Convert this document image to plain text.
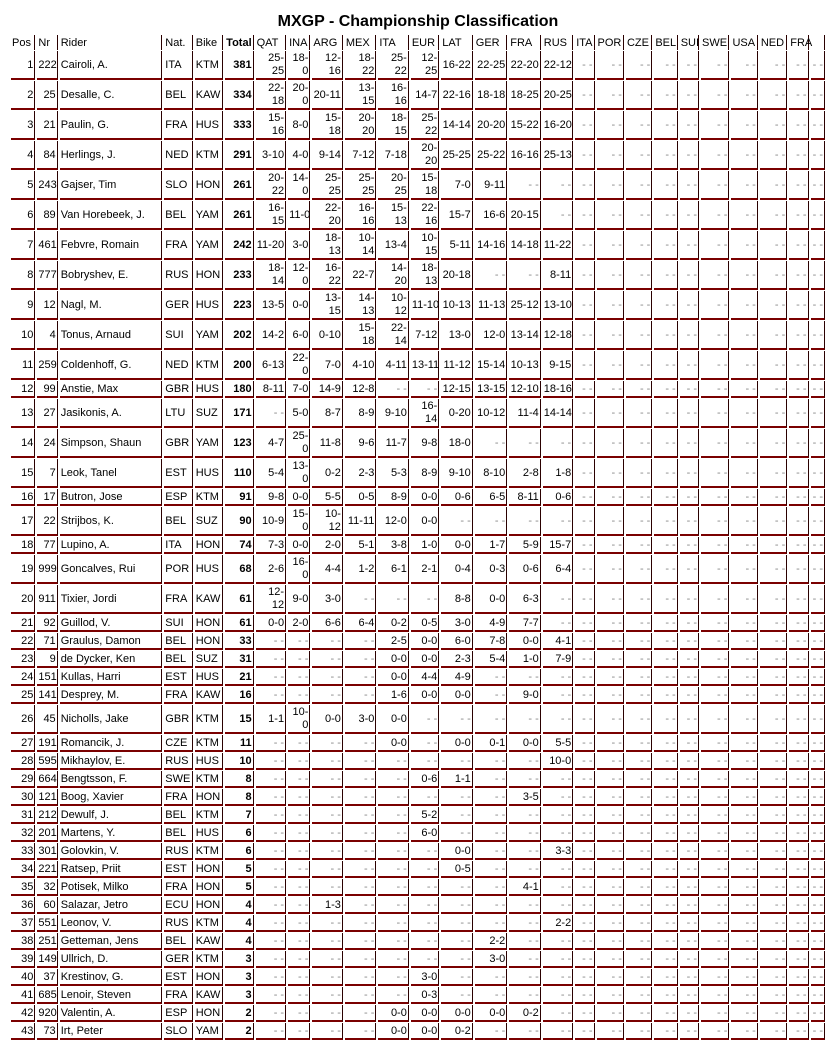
MXGP - Championship Classification
Pos	Nr	Rider	Nat.	Bike	Total	QAT	INA	ARG	MEX	ITA	EUR	LAT	GER	FRA	RUS	ITA	POR	CZE	BEL	SUI	SWE	USA	NED	FRA	
1	222	Cairoli, A.	ITA	KTM	381	25-25	18-0	12-16	18-22	25-22	12-25	16-22	22-25	22-20	22-12	- -	- -	- -	- -	- -	- -	- -	- -	- -	- -
2	25	Desalle, C.	BEL	KAW	334	22-18	20-0	20-11	13-15	16-16	14-7	22-16	18-18	18-25	20-25	- -	- -	- -	- -	- -	- -	- -	- -	- -	- -
3	21	Paulin, G.	FRA	HUS	333	15-16	8-0	15-18	20-20	18-15	25-22	14-14	20-20	15-22	16-20	- -	- -	- -	- -	- -	- -	- -	- -	- -	- -
4	84	Herlings, J.	NED	KTM	291	3-10	4-0	9-14	7-12	7-18	20-20	25-25	25-22	16-16	25-13	- -	- -	- -	- -	- -	- -	- -	- -	- -	- -
5	243	Gajser, Tim	SLO	HON	261	20-22	14-0	25-25	25-25	20-25	15-18	7-0	9-11	- -	- -	- -	- -	- -	- -	- -	- -	- -	- -	- -	- -
6	89	Van Horebeek, J.	BEL	YAM	261	16-15	11-0	22-20	16-16	15-13	22-16	15-7	16-6	20-15	- -	- -	- -	- -	- -	- -	- -	- -	- -	- -	- -
7	461	Febvre, Romain	FRA	YAM	242	11-20	3-0	18-13	10-14	13-4	10-15	5-11	14-16	14-18	11-22	- -	- -	- -	- -	- -	- -	- -	- -	- -	- -
8	777	Bobryshev, E.	RUS	HON	233	18-14	12-0	16-22	22-7	14-20	18-13	20-18	- -	- -	8-11	- -	- -	- -	- -	- -	- -	- -	- -	- -	- -
9	12	Nagl, M.	GER	HUS	223	13-5	0-0	13-15	14-13	10-12	11-10	10-13	11-13	25-12	13-10	- -	- -	- -	- -	- -	- -	- -	- -	- -	- -
10	4	Tonus, Arnaud	SUI	YAM	202	14-2	6-0	0-10	15-18	22-14	7-12	13-0	12-0	13-14	12-18	- -	- -	- -	- -	- -	- -	- -	- -	- -	- -
11	259	Coldenhoff, G.	NED	KTM	200	6-13	22-0	7-0	4-10	4-11	13-11	11-12	15-14	10-13	9-15	- -	- -	- -	- -	- -	- -	- -	- -	- -	- -
12	99	Anstie, Max	GBR	HUS	180	8-11	7-0	14-9	12-8	- -	- -	12-15	13-15	12-10	18-16	- -	- -	- -	- -	- -	- -	- -	- -	- -	- -
13	27	Jasikonis, A.	LTU	SUZ	171	- -	5-0	8-7	8-9	9-10	16-14	0-20	10-12	11-4	14-14	- -	- -	- -	- -	- -	- -	- -	- -	- -	- -
14	24	Simpson, Shaun	GBR	YAM	123	4-7	25-0	11-8	9-6	11-7	9-8	18-0	- -	- -	- -	- -	- -	- -	- -	- -	- -	- -	- -	- -	- -
15	7	Leok, Tanel	EST	HUS	110	5-4	13-0	0-2	2-3	5-3	8-9	9-10	8-10	2-8	1-8	- -	- -	- -	- -	- -	- -	- -	- -	- -	- -
16	17	Butron, Jose	ESP	KTM	91	9-8	0-0	5-5	0-5	8-9	0-0	0-6	6-5	8-11	0-6	- -	- -	- -	- -	- -	- -	- -	- -	- -	- -
17	22	Strijbos, K.	BEL	SUZ	90	10-9	15-0	10-12	11-11	12-0	0-0	- -	- -	- -	- -	- -	- -	- -	- -	- -	- -	- -	- -	- -	- -
18	77	Lupino, A.	ITA	HON	74	7-3	0-0	2-0	5-1	3-8	1-0	0-0	1-7	5-9	15-7	- -	- -	- -	- -	- -	- -	- -	- -	- -	- -
19	999	Goncalves, Rui	POR	HUS	68	2-6	16-0	4-4	1-2	6-1	2-1	0-4	0-3	0-6	6-4	- -	- -	- -	- -	- -	- -	- -	- -	- -	- -
20	911	Tixier, Jordi	FRA	KAW	61	12-12	9-0	3-0	- -	- -	- -	8-8	0-0	6-3	- -	- -	- -	- -	- -	- -	- -	- -	- -	- -	- -
21	92	Guillod, V.	SUI	HON	61	0-0	2-0	6-6	6-4	0-2	0-5	3-0	4-9	7-7	- -	- -	- -	- -	- -	- -	- -	- -	- -	- -	- -
22	71	Graulus, Damon	BEL	HON	33	- -	- -	- -	- -	2-5	0-0	6-0	7-8	0-0	4-1	- -	- -	- -	- -	- -	- -	- -	- -	- -	- -
23	9	de Dycker, Ken	BEL	SUZ	31	- -	- -	- -	- -	0-0	0-0	2-3	5-4	1-0	7-9	- -	- -	- -	- -	- -	- -	- -	- -	- -	- -
24	151	Kullas, Harri	EST	HUS	21	- -	- -	- -	- -	0-0	4-4	4-9	- -	- -	- -	- -	- -	- -	- -	- -	- -	- -	- -	- -	- -
25	141	Desprey, M.	FRA	KAW	16	- -	- -	- -	- -	1-6	0-0	0-0	- -	9-0	- -	- -	- -	- -	- -	- -	- -	- -	- -	- -	- -
26	45	Nicholls, Jake	GBR	KTM	15	1-1	10-0	0-0	3-0	0-0	- -	- -	- -	- -	- -	- -	- -	- -	- -	- -	- -	- -	- -	- -	- -
27	191	Romancik, J.	CZE	KTM	11	- -	- -	- -	- -	0-0	- -	0-0	0-1	0-0	5-5	- -	- -	- -	- -	- -	- -	- -	- -	- -	- -
28	595	Mikhaylov, E.	RUS	HUS	10	- -	- -	- -	- -	- -	- -	- -	- -	- -	10-0	- -	- -	- -	- -	- -	- -	- -	- -	- -	- -
29	664	Bengtsson, F.	SWE	KTM	8	- -	- -	- -	- -	- -	0-6	1-1	- -	- -	- -	- -	- -	- -	- -	- -	- -	- -	- -	- -	- -
30	121	Boog, Xavier	FRA	HON	8	- -	- -	- -	- -	- -	- -	- -	- -	3-5	- -	- -	- -	- -	- -	- -	- -	- -	- -	- -	- -
31	212	Dewulf, J.	BEL	KTM	7	- -	- -	- -	- -	- -	5-2	- -	- -	- -	- -	- -	- -	- -	- -	- -	- -	- -	- -	- -	- -
32	201	Martens, Y.	BEL	HUS	6	- -	- -	- -	- -	- -	6-0	- -	- -	- -	- -	- -	- -	- -	- -	- -	- -	- -	- -	- -	- -
33	301	Golovkin, V.	RUS	KTM	6	- -	- -	- -	- -	- -	- -	0-0	- -	- -	3-3	- -	- -	- -	- -	- -	- -	- -	- -	- -	- -
34	221	Ratsep, Priit	EST	HON	5	- -	- -	- -	- -	- -	- -	0-5	- -	- -	- -	- -	- -	- -	- -	- -	- -	- -	- -	- -	- -
35	32	Potisek, Milko	FRA	HON	5	- -	- -	- -	- -	- -	- -	- -	- -	4-1	- -	- -	- -	- -	- -	- -	- -	- -	- -	- -	- -
36	60	Salazar, Jetro	ECU	HON	4	- -	- -	1-3	- -	- -	- -	- -	- -	- -	- -	- -	- -	- -	- -	- -	- -	- -	- -	- -	- -
37	551	Leonov, V.	RUS	KTM	4	- -	- -	- -	- -	- -	- -	- -	- -	- -	2-2	- -	- -	- -	- -	- -	- -	- -	- -	- -	- -
38	251	Getteman, Jens	BEL	KAW	4	- -	- -	- -	- -	- -	- -	- -	2-2	- -	- -	- -	- -	- -	- -	- -	- -	- -	- -	- -	- -
39	149	Ullrich, D.	GER	KTM	3	- -	- -	- -	- -	- -	- -	- -	3-0	- -	- -	- -	- -	- -	- -	- -	- -	- -	- -	- -	- -
40	37	Krestinov, G.	EST	HON	3	- -	- -	- -	- -	- -	3-0	- -	- -	- -	- -	- -	- -	- -	- -	- -	- -	- -	- -	- -	- -
41	685	Lenoir, Steven	FRA	KAW	3	- -	- -	- -	- -	- -	0-3	- -	- -	- -	- -	- -	- -	- -	- -	- -	- -	- -	- -	- -	- -
42	920	Valentin, A.	ESP	HON	2	- -	- -	- -	- -	0-0	0-0	0-0	0-0	0-2	- -	- -	- -	- -	- -	- -	- -	- -	- -	- -	- -
43	73	Irt, Peter	SLO	YAM	2	- -	- -	- -	- -	0-0	0-0	0-2	- -	- -	- -	- -	- -	- -	- -	- -	- -	- -	- -	- -	- -
